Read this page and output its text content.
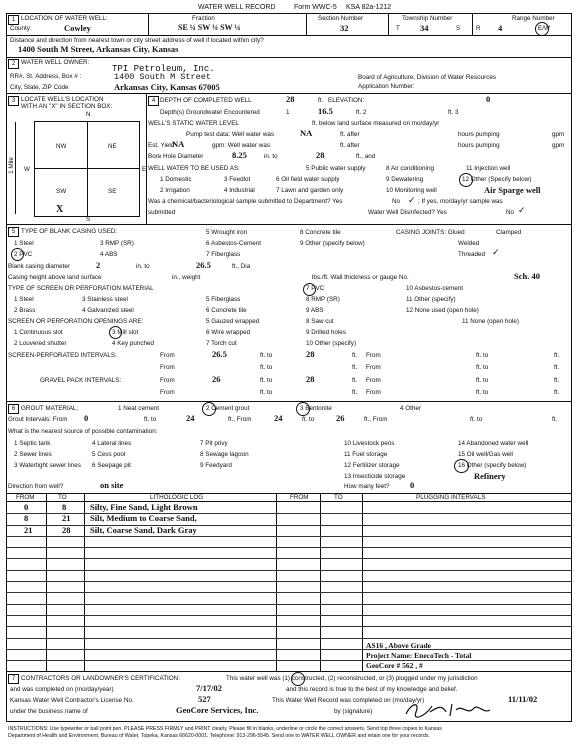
WATER WELL RECORD	Form WWC-5 KSA 82a-1212
1 LOCATION OF WATER WELL:
County:	Cowley
Fraction
SE ¼ SW ¼ SW ¼
Section Number
32
Township Number
T 34	S
Range Number
R 4	E/W
Distance and direction from nearest town or city street address of well if located within city?
1400 South M Street, Arkansas City, Kansas
2 WATER WELL OWNER:
TPI Petroleum, Inc.
RR#, St. Address, Box # :	1400 South M Street
City, State, ZIP Code	Arkansas City, Kansas 67005
Board of Agriculture, Division of Water Resources
Application Number:
3 LOCATE WELL'S LOCATION
WITH AN "X" IN SECTION BOX:
N
W	E
S
1 Mile
NW	NE
SW	SE
X
4 DEPTH OF COMPLETED WELL	28	ft. ELEVATION:	0
Depth(s) Groundwater Encountered	1	16.5	ft. 2	ft. 3
WELL'S STATIC WATER LEVEL	ft. below land surface measured on mo/day/yr
Pump test data: Well water was	NA	ft. after	hours pumping	gpm
Est. Yield
NA	gpm: Well water was	ft. after	hours pumping	gpm
Bore Hole Diameter	8.25	in. to	28	ft., and
WELL WATER TO BE USED AS:	5 Public water supply	8 Air conditioning	11 Injection well
1 Domestic	3 Feedlot	6 Oil field water supply	9 Dewatering	12 Other (Specify below)
2 Irrigation	4 Industrial	7 Lawn and garden only	10 Monitoring well	Air Sparge well
Was a chemical/bacteriological sample submitted to Department? Yes	No ✓ ; If yes, mo/day/yr sample was
submitted	Water Well Disinfected? Yes	No ✓
5 TYPE OF BLANK CASING USED:	5 Wrought iron	8 Concrete tile	CASING JOINTS: Glued	Clamped
1 Steel	3 RMP (SR)	6 Asbestos-Cement	9 Other (specify below)	Welded
2 PVC	4 ABS	7 Fiberglass	Threaded ✓
Blank casing diameter	2	in. to	26.5	ft., Dia
Casing height above land surface	in., weight	lbs./ft. Wall thickness or gauge No.	Sch. 40
TYPE OF SCREEN OR PERFORATION MATERIAL	7 PVC	10 Asbestos-cement
1 Steel	3 Stainless steel	5 Fiberglass	8 RMP (SR)	11 Other (specify)
2 Brass	4 Galvanized steel	6 Concrete tile	9 ABS	12 None used (open hole)
SCREEN OR PERFORATION OPENINGS ARE:	5 Gauzed wrapped	8 Saw cut	11 None (open hole)
1 Continuous slot	3 Mill slot	6 Wire wrapped	9 Drilled holes
2 Louvered shutter	4 Key punched	7 Torch cut	10 Other (specify)
SCREEN-PERFORATED INTERVALS:	From	26.5	ft. to	28	ft. From	ft. to	ft.
From	ft. to	ft. From	ft. to	ft.
GRAVEL PACK INTERVALS:	From	26	ft. to	28	ft. From	ft. to	ft.
From	ft. to	ft. From	ft. to	ft.
6 GROUT MATERIAL:	1 Neat cement	2 Cement grout	3 Bentonite	4 Other
Grout Intervals: From 0	ft. to	24	ft., From	24	ft. to	26	ft., From	ft. to	ft.
What is the nearest source of possible contamination:
1 Septic tank	4 Lateral lines	7 Pit privy	10 Livestock pens	14 Abandoned water well
2 Sewer lines	5 Cess pool	8 Sewage lagoon	11 Fuel storage	15 Oil well/Gas well
3 Watertight sewer lines 6 Seepage pit	9 Feedyard	12 Fertilizer storage	16 Other (specify below)
13 Insecticide storage	Refinery
Direction from well?	on site	How many feet? 0
FROM	TO	LITHOLOGIC LOG	FROM	TO	PLUGGING INTERVALS
0	8	Silty, Fine Sand, Light Brown
8	21 Silt, Medium to Coarse Sand,
21	28 Silt, Coarse Sand, Dark Gray
AS16 , Above Grade
Project Name: EnecoTech - Total
GeoCore # 562 , #
7 CONTRACTORS OR LANDOWNER'S CERTIFICATION:	This water well was (1) constructed, (2) reconstructed, or (3) plugged under my jurisdiction
and was completed on (mo/day/year)	7/17/02	and this record is true to the best of my knowledge and belief.
Kansas Water Well Contractor's License No.	527	This Water Well Record was completed on (mo/day/yr)	11/11/02
under the business name of	GeoCore Services, Inc.	by (signature)
INSTRUCTIONS: Use typewriter or ball point pen. PLEASE PRESS FIRMLY and PRINT clearly. Please fill in blanks, underline or circle the correct answers. Send top three copies to Kansas
Department of Health and Environment, Bureau of Water, Topeka, Kansas 66620-0001. Telephone: 913-296-5545. Send one to WATER WELL OWNER and retain one for your records.
